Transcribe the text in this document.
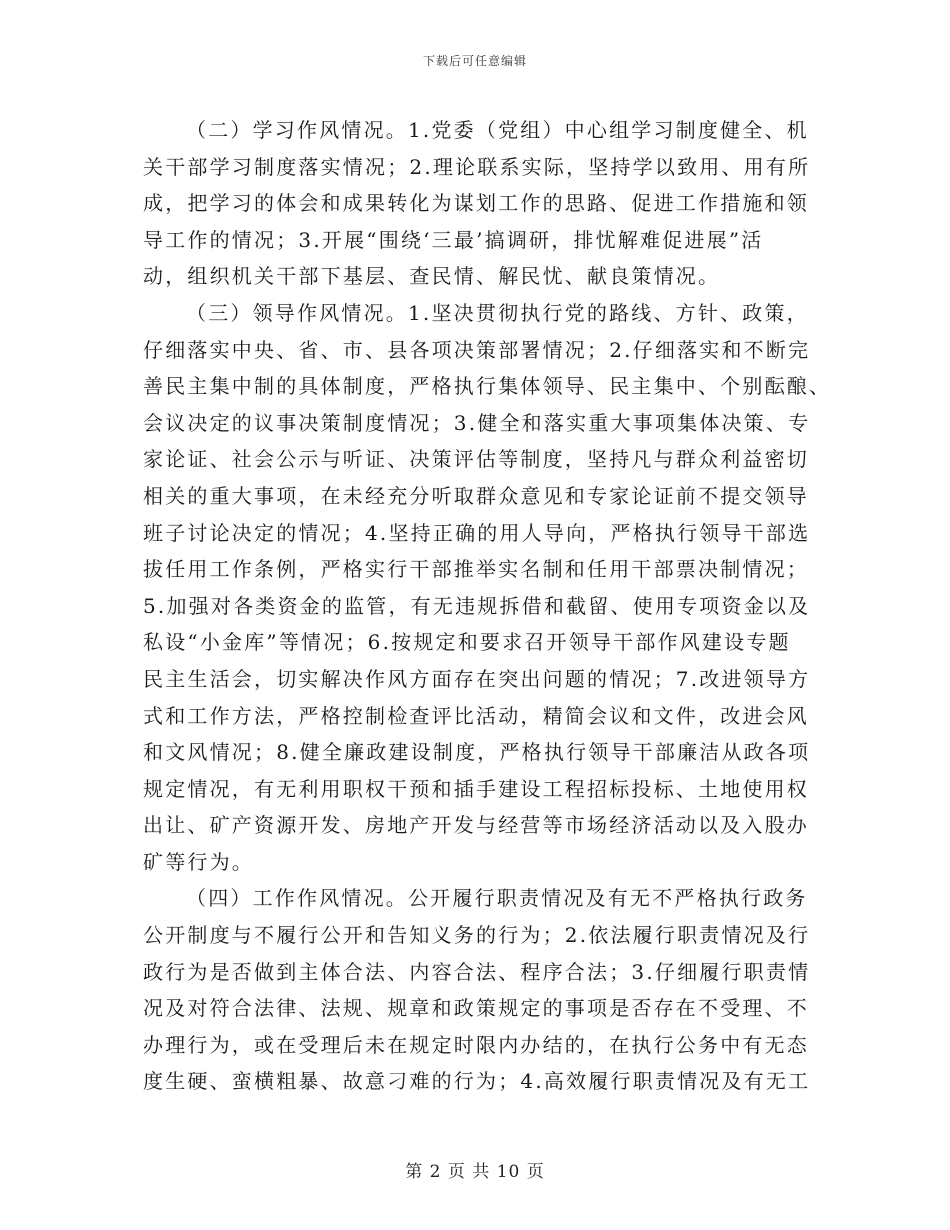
下载后可任意编辑
（二）学习作风情况。1.党委（党组）中心组学习制度健全、机
关干部学习制度落实情况；2.理论联系实际，坚持学以致用、用有所
成，把学习的体会和成果转化为谋划工作的思路、促进工作措施和领
导工作的情况；3.开展“围绕‘三最’搞调研，排忧解难促进展”活
动，组织机关干部下基层、查民情、解民忧、献良策情况。
（三）领导作风情况。1.坚决贯彻执行党的路线、方针、政策，
仔细落实中央、省、市、县各项决策部署情况；2.仔细落实和不断完
善民主集中制的具体制度，严格执行集体领导、民主集中、个别酝酿、
会议决定的议事决策制度情况；3.健全和落实重大事项集体决策、专
家论证、社会公示与听证、决策评估等制度，坚持凡与群众利益密切
相关的重大事项，在未经充分听取群众意见和专家论证前不提交领导
班子讨论决定的情况；4.坚持正确的用人导向，严格执行领导干部选
拔任用工作条例，严格实行干部推举实名制和任用干部票决制情况；
5.加强对各类资金的监管，有无违规拆借和截留、使用专项资金以及
私设“小金库”等情况；6.按规定和要求召开领导干部作风建设专题
民主生活会，切实解决作风方面存在突出问题的情况；7.改进领导方
式和工作方法，严格控制检查评比活动，精简会议和文件，改进会风
和文风情况；8.健全廉政建设制度，严格执行领导干部廉洁从政各项
规定情况，有无利用职权干预和插手建设工程招标投标、土地使用权
出让、矿产资源开发、房地产开发与经营等市场经济活动以及入股办
矿等行为。
（四）工作作风情况。公开履行职责情况及有无不严格执行政务
公开制度与不履行公开和告知义务的行为；2.依法履行职责情况及行
政行为是否做到主体合法、内容合法、程序合法；3.仔细履行职责情
况及对符合法律、法规、规章和政策规定的事项是否存在不受理、不
办理行为，或在受理后未在规定时限内办结的，在执行公务中有无态
度生硬、蛮横粗暴、故意刁难的行为；4.高效履行职责情况及有无工
第 2 页 共 10 页
